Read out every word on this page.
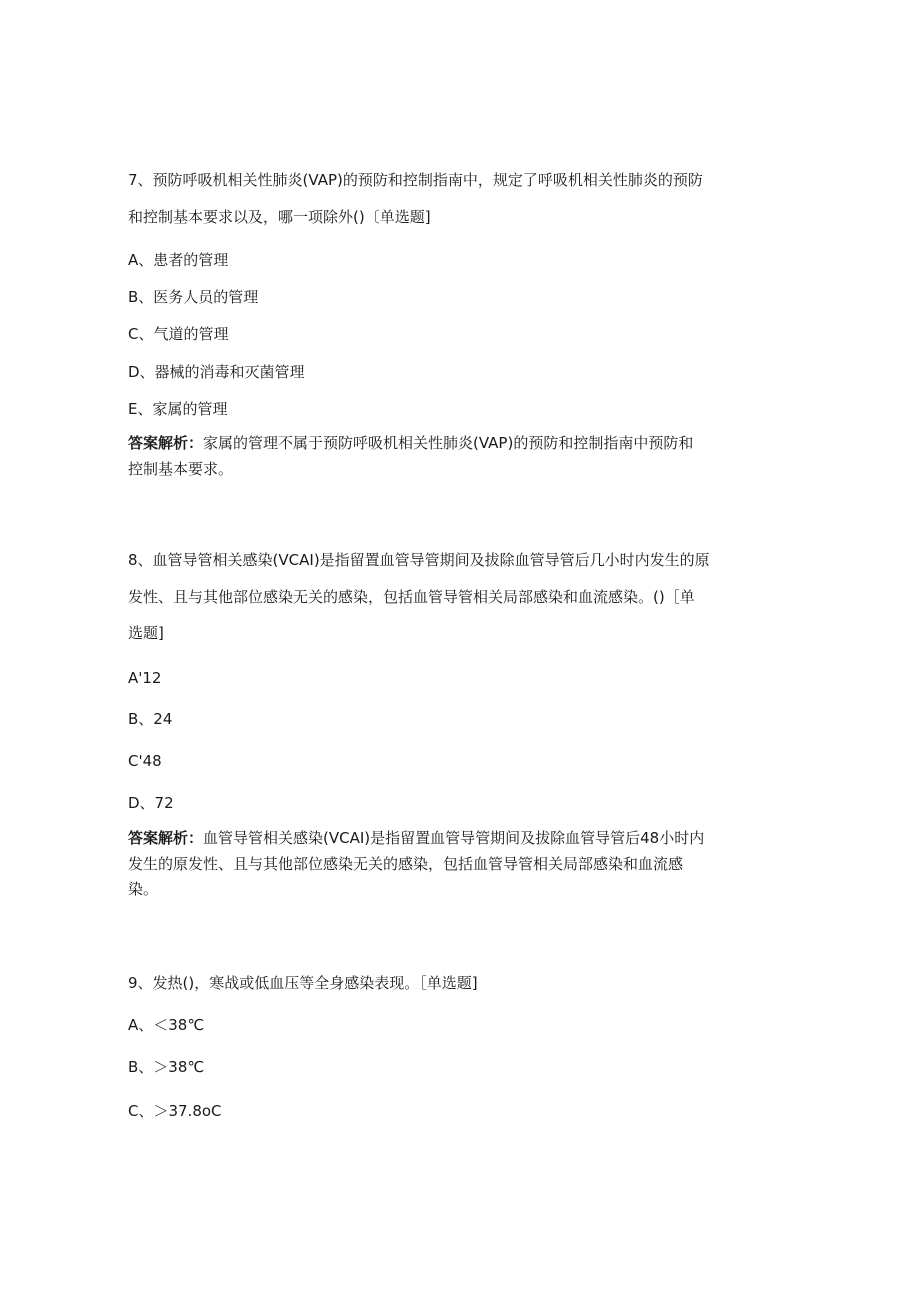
7、预防呼吸机相关性肺炎(VAP)的预防和控制指南中，规定了呼吸机相关性肺炎的预防
和控制基本要求以及，哪一项除外()〔单选题]
A、患者的管理
B、医务人员的管理
C、气道的管理
D、器械的消毒和灭菌管理
E、家属的管理
答案解析：家属的管理不属于预防呼吸机相关性肺炎(VAP)的预防和控制指南中预防和
控制基本要求。
8、血管导管相关感染(VCAI)是指留置血管导管期间及拔除血管导管后几小时内发生的原
发性、且与其他部位感染无关的感染，包括血管导管相关局部感染和血流感染。()［单
选题]
A'12
B、24
C'48
D、72
答案解析：血管导管相关感染(VCAI)是指留置血管导管期间及拔除血管导管后48小时内
发生的原发性、且与其他部位感染无关的感染，包括血管导管相关局部感染和血流感
染。
9、发热()，寒战或低血压等全身感染表现。［单选题]
A、＜38℃
B、＞38℃
C、＞37.8oC
